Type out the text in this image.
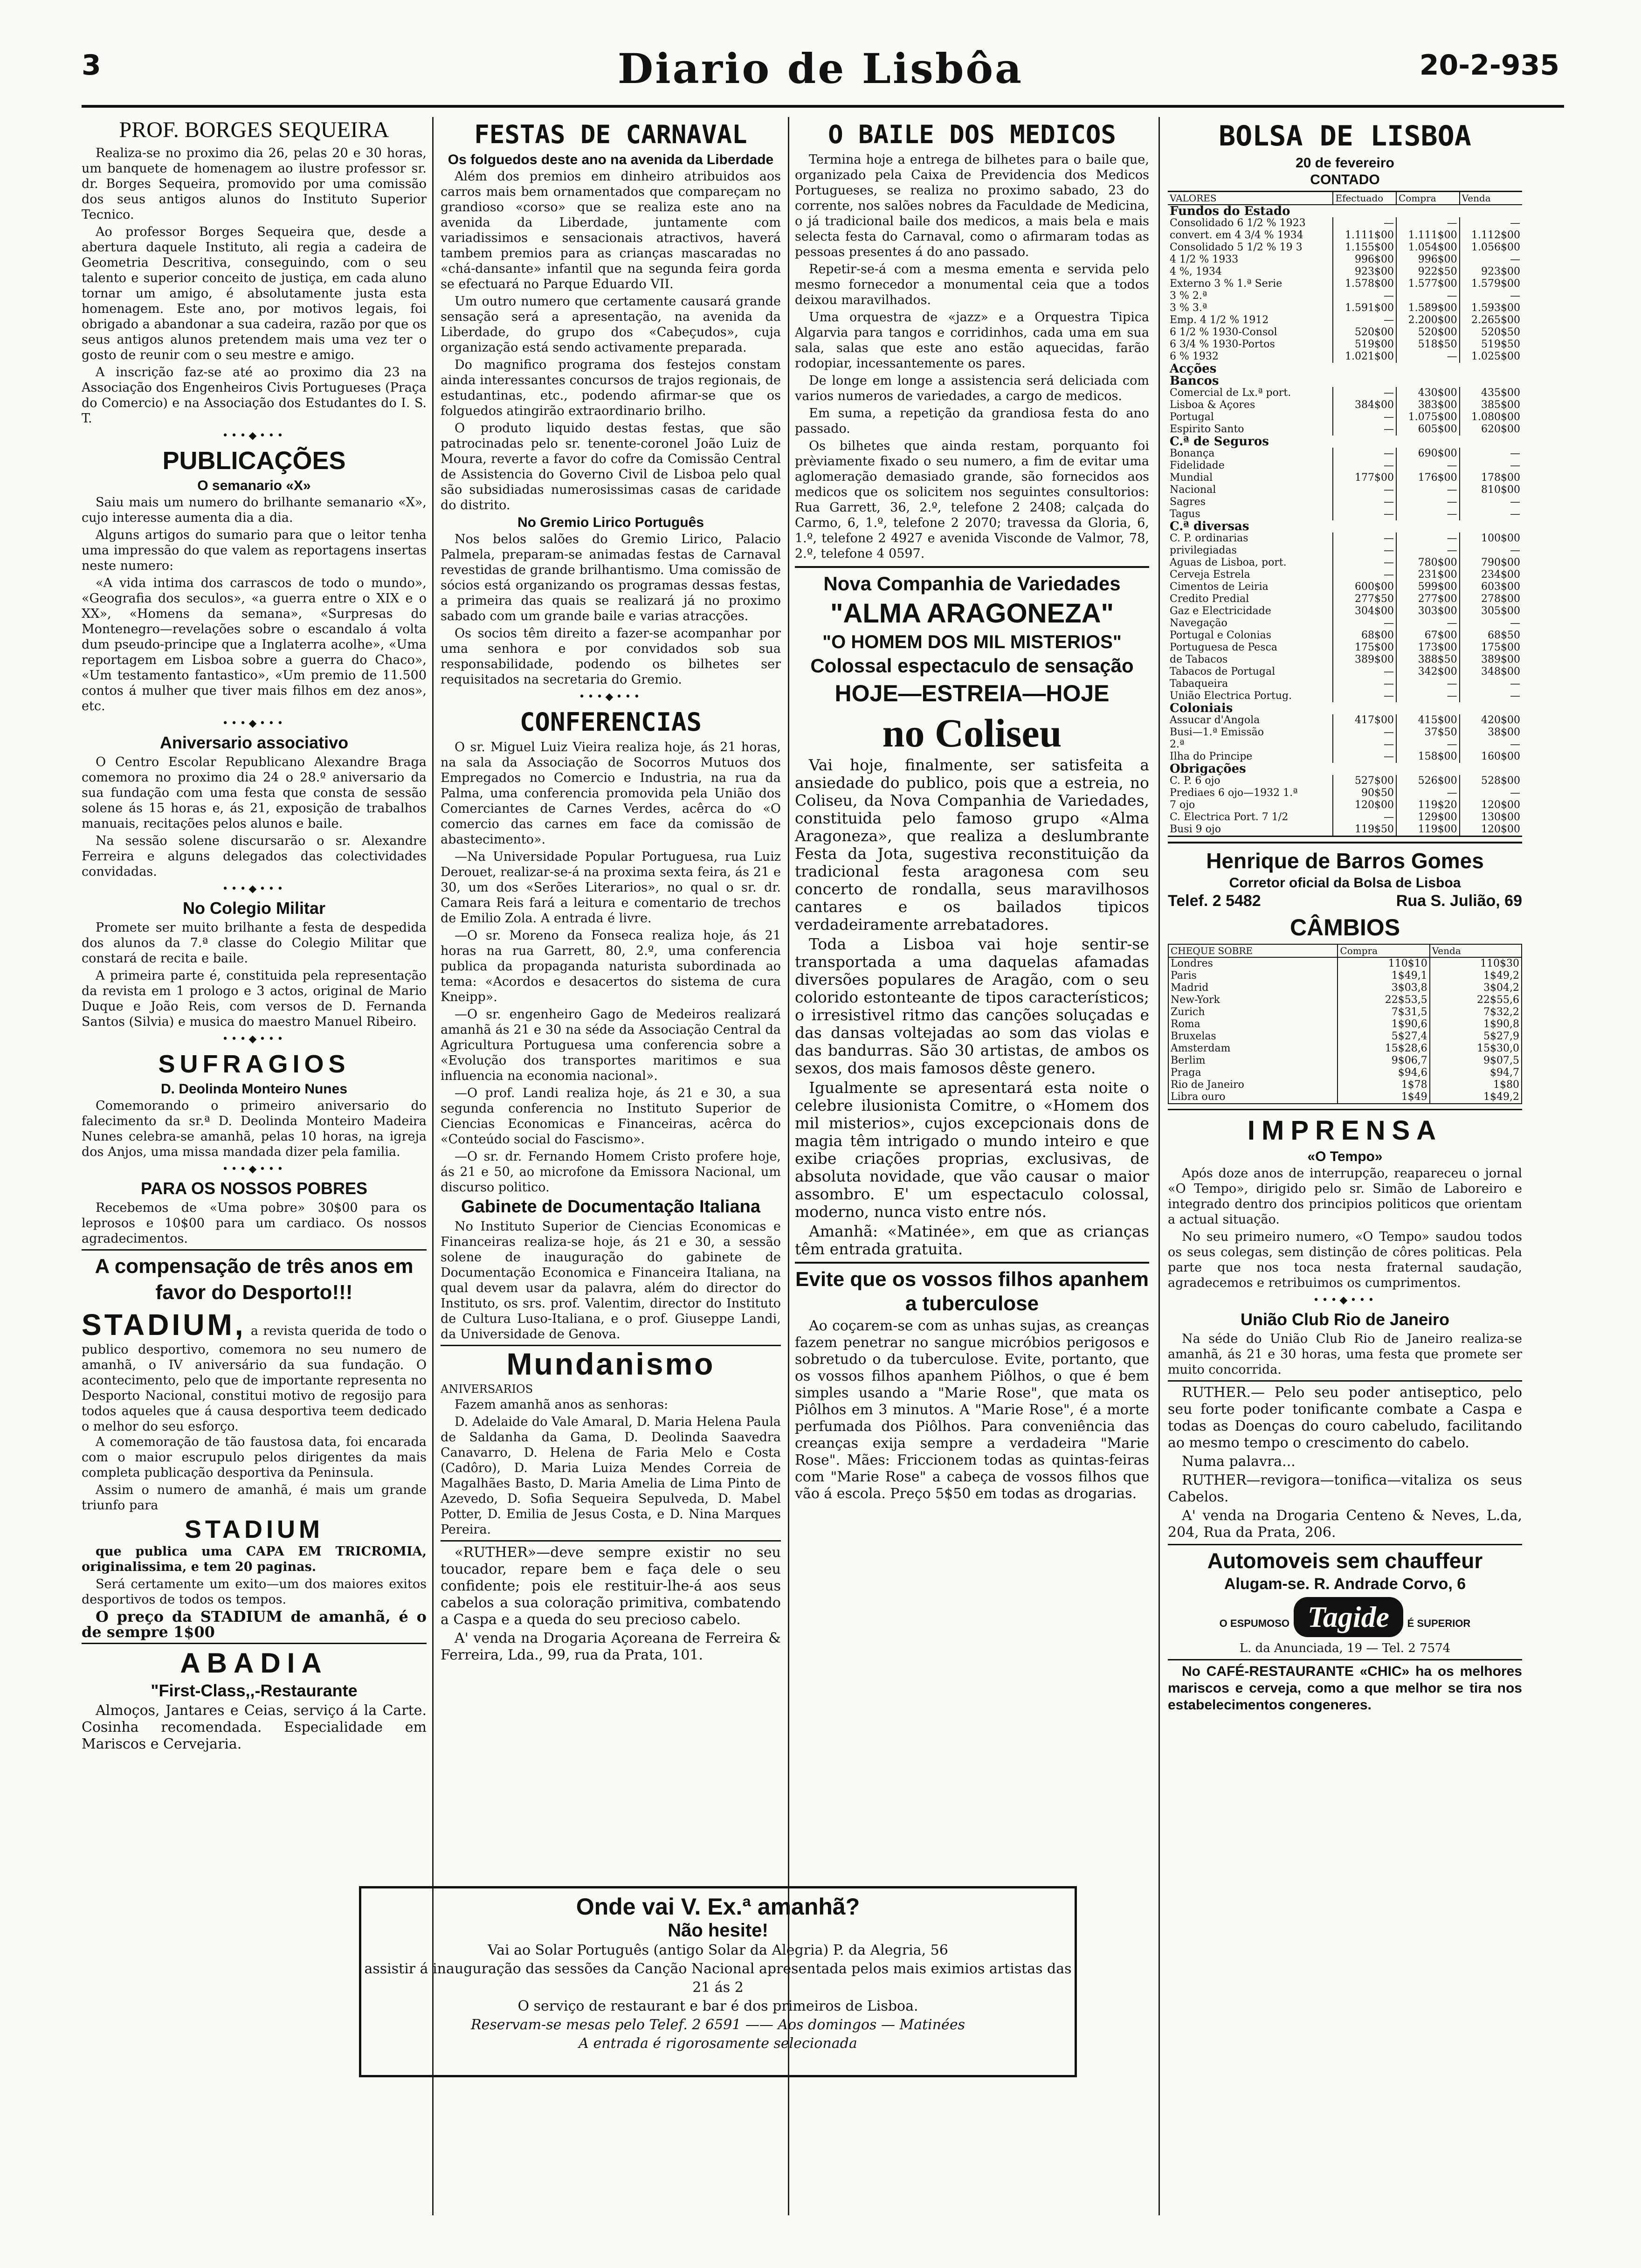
3	Diario de Lisbôa	20-2-935
PROF. BORGES SEQUEIRA

Realiza-se no proximo dia 26, pelas 20 e 30 horas, um banquete de homenagem ao ilustre professor sr. dr. Borges Sequeira, promovido por uma comissão dos seus antigos alunos do Instituto Superior Tecnico.

Ao professor Borges Sequeira que, desde a abertura daquele Instituto, ali regia a cadeira de Geometria Descritiva, conseguindo, com o seu talento e superior conceito de justiça, em cada aluno tornar um amigo, é absolutamente justa esta homenagem. Este ano, por motivos legais, foi obrigado a abandonar a sua cadeira, razão por que os seus antigos alunos pretendem mais uma vez ter o gosto de reunir com o seu mestre e amigo.

A inscrição faz-se até ao proximo dia 23 na Associação dos Engenheiros Civis Portugueses (Praça do Comercio) e na Associação dos Estudantes do I. S. T.

•••◆•••
PUBLICAÇÕES
O semanario «X»

Saiu mais um numero do brilhante semanario «X», cujo interesse aumenta dia a dia.

Alguns artigos do sumario para que o leitor tenha uma impressão do que valem as reportagens insertas neste numero:

«A vida intima dos carrascos de todo o mundo», «Geografia dos seculos», «a guerra entre o XIX e o XX», «Homens da semana», «Surpresas do Montenegro—revelações sobre o escandalo á volta dum pseudo-principe que a Inglaterra acolhe», «Uma reportagem em Lisboa sobre a guerra do Chaco», «Um testamento fantastico», «Um premio de 11.500 contos á mulher que tiver mais filhos em dez anos», etc.

•••◆•••
Aniversario associativo

O Centro Escolar Republicano Alexandre Braga comemora no proximo dia 24 o 28.º aniversario da sua fundação com uma festa que consta de sessão solene ás 15 horas e, ás 21, exposição de trabalhos manuais, recitações pelos alunos e baile.

Na sessão solene discursarão o sr. Alexandre Ferreira e alguns delegados das colectividades convidadas.

•••◆•••
No Colegio Militar

Promete ser muito brilhante a festa de despedida dos alunos da 7.ª classe do Colegio Militar que constará de recita e baile.

A primeira parte é, constituida pela representação da revista em 1 prologo e 3 actos, original de Mario Duque e João Reis, com versos de D. Fernanda Santos (Silvia) e musica do maestro Manuel Ribeiro.

•••◆•••
SUFRAGIOS
D. Deolinda Monteiro Nunes

Comemorando o primeiro aniversario do falecimento da sr.ª D. Deolinda Monteiro Madeira Nunes celebra-se amanhã, pelas 10 horas, na igreja dos Anjos, uma missa mandada dizer pela familia.

•••◆•••
PARA OS NOSSOS POBRES

Recebemos de «Uma pobre» 30$00 para os leprosos e 10$00 para um cardiaco. Os nossos agradecimentos.

A compensação de três anos em favor do Desporto!!!
STADIUM, a revista querida de todo o publico desportivo, comemora no seu numero de amanhã, o IV aniversário da sua fundação. O acontecimento, pelo que de importante representa no Desporto Nacional, constitui motivo de regosijo para todos aqueles que á causa desportiva teem dedicado o melhor do seu esforço.

A comemoração de tão faustosa data, foi encarada com o maior escrupulo pelos dirigentes da mais completa publicação desportiva da Peninsula.

Assim o numero de amanhã, é mais um grande triunfo para

STADIUM

que publica uma CAPA EM TRICROMIA, originalissima, e tem 20 paginas.

Será certamente um exito—um dos maiores exitos desportivos de todos os tempos.

O preço da STADIUM de amanhã, é o de sempre 1$00

ABADIA
"First-Class,,-Restaurante

Almoços, Jantares e Ceias, serviço á la Carte. Cosinha recomendada. Especialidade em Mariscos e Cervejaria.

FESTAS DE CARNAVAL
Os folguedos deste ano na avenida da Liberdade

Além dos premios em dinheiro atribuidos aos carros mais bem ornamentados que compareçam no grandioso «corso» que se realiza este ano na avenida da Liberdade, juntamente com variadissimos e sensacionais atractivos, haverá tambem premios para as crianças mascaradas no «chá-dansante» infantil que na segunda feira gorda se efectuará no Parque Eduardo VII.

Um outro numero que certamente causará grande sensação será a apresentação, na avenida da Liberdade, do grupo dos «Cabeçudos», cuja organização está sendo activamente preparada.

Do magnifico programa dos festejos constam ainda interessantes concursos de trajos regionais, de estudantinas, etc., podendo afirmar-se que os folguedos atingirão extraordinario brilho.

O produto liquido destas festas, que são patrocinadas pelo sr. tenente-coronel João Luiz de Moura, reverte a favor do cofre da Comissão Central de Assistencia do Governo Civil de Lisboa pelo qual são subsidiadas numerosissimas casas de caridade do distrito.

No Gremio Lirico Português

Nos belos salões do Gremio Lirico, Palacio Palmela, preparam-se animadas festas de Carnaval revestidas de grande brilhantismo. Uma comissão de sócios está organizando os programas dessas festas, a primeira das quais se realizará já no proximo sabado com um grande baile e varias atracções.

Os socios têm direito a fazer-se acompanhar por uma senhora e por convidados sob sua responsabilidade, podendo os bilhetes ser requisitados na secretaria do Gremio.

•••◆•••
CONFERENCIAS

O sr. Miguel Luiz Vieira realiza hoje, ás 21 horas, na sala da Associação de Socorros Mutuos dos Empregados no Comercio e Industria, na rua da Palma, uma conferencia promovida pela União dos Comerciantes de Carnes Verdes, acêrca do «O comercio das carnes em face da comissão de abastecimento».

—Na Universidade Popular Portuguesa, rua Luiz Derouet, realizar-se-á na proxima sexta feira, ás 21 e 30, um dos «Serões Literarios», no qual o sr. dr. Camara Reis fará a leitura e comentario de trechos de Emilio Zola. A entrada é livre.

—O sr. Moreno da Fonseca realiza hoje, ás 21 horas na rua Garrett, 80, 2.º, uma conferencia publica da propaganda naturista subordinada ao tema: «Acordos e desacertos do sistema de cura Kneipp».

—O sr. engenheiro Gago de Medeiros realizará amanhã ás 21 e 30 na séde da Associação Central da Agricultura Portuguesa uma conferencia sobre a «Evolução dos transportes maritimos e sua influencia na economia nacional».

—O prof. Landi realiza hoje, ás 21 e 30, a sua segunda conferencia no Instituto Superior de Ciencias Economicas e Financeiras, acêrca do «Conteúdo social do Fascismo».

—O sr. dr. Fernando Homem Cristo profere hoje, ás 21 e 50, ao microfone da Emissora Nacional, um discurso politico.

Gabinete de Documentação Italiana

No Instituto Superior de Ciencias Economicas e Financeiras realiza-se hoje, ás 21 e 30, a sessão solene de inauguração do gabinete de Documentação Economica e Financeira Italiana, na qual devem usar da palavra, além do director do Instituto, os srs. prof. Valentim, director do Instituto de Cultura Luso-Italiana, e o prof. Giuseppe Landi, da Universidade de Genova.

Mundanismo
ANIVERSARIOS

Fazem amanhã anos as senhoras:

D. Adelaide do Vale Amaral, D. Maria Helena Paula de Saldanha da Gama, D. Deolinda Saavedra Canavarro, D. Helena de Faria Melo e Costa (Cadôro), D. Maria Luiza Mendes Correia de Magalhães Basto, D. Maria Amelia de Lima Pinto de Azevedo, D. Sofia Sequeira Sepulveda, D. Mabel Potter, D. Emilia de Jesus Costa, e D. Nina Marques Pereira.

«RUTHER»—deve sempre existir no seu toucador, repare bem e faça dele o seu confidente; pois ele restituir-lhe-á aos seus cabelos a sua coloração primitiva, combatendo a Caspa e a queda do seu precioso cabelo.

A' venda na Drogaria Açoreana de Ferreira & Ferreira, Lda., 99, rua da Prata, 101.

O BAILE DOS MEDICOS

Termina hoje a entrega de bilhetes para o baile que, organizado pela Caixa de Previdencia dos Medicos Portugueses, se realiza no proximo sabado, 23 do corrente, nos salões nobres da Faculdade de Medicina, o já tradicional baile dos medicos, a mais bela e mais selecta festa do Carnaval, como o afirmaram todas as pessoas presentes á do ano passado.

Repetir-se-á com a mesma ementa e servida pelo mesmo fornecedor a monumental ceia que a todos deixou maravilhados.

Uma orquestra de «jazz» e a Orquestra Tipica Algarvia para tangos e corridinhos, cada uma em sua sala, salas que este ano estão aquecidas, farão rodopiar, incessantemente os pares.

De longe em longe a assistencia será deliciada com varios numeros de variedades, a cargo de medicos.

Em suma, a repetição da grandiosa festa do ano passado.

Os bilhetes que ainda restam, porquanto foi prèviamente fixado o seu numero, a fim de evitar uma aglomeração demasiado grande, são fornecidos aos medicos que os solicitem nos seguintes consultorios: Rua Garrett, 36, 2.º, telefone 2 2408; calçada do Carmo, 6, 1.º, telefone 2 2070; travessa da Gloria, 6, 1.º, telefone 2 4927 e avenida Visconde de Valmor, 78, 2.º, telefone 4 0597.

Nova Companhia de Variedades
"ALMA ARAGONEZA"
"O HOMEM DOS MIL MISTERIOS"
Colossal espectaculo de sensação
HOJE—ESTREIA—HOJE
no Coliseu

Vai hoje, finalmente, ser satisfeita a ansiedade do publico, pois que a estreia, no Coliseu, da Nova Companhia de Variedades, constituida pelo famoso grupo «Alma Aragoneza», que realiza a deslumbrante Festa da Jota, sugestiva reconstituição da tradicional festa aragonesa com seu concerto de rondalla, seus maravilhosos cantares e os bailados tipicos verdadeiramente arrebatadores.

Toda a Lisboa vai hoje sentir-se transportada a uma daquelas afamadas diversões populares de Aragão, com o seu colorido estonteante de tipos característicos; o irresistivel ritmo das canções soluçadas e das dansas voltejadas ao som das violas e das bandurras. São 30 artistas, de ambos os sexos, dos mais famosos dêste genero.

Igualmente se apresentará esta noite o celebre ilusionista Comitre, o «Homem dos mil misterios», cujos excepcionais dons de magia têm intrigado o mundo inteiro e que exibe criações proprias, exclusivas, de absoluta novidade, que vão causar o maior assombro. E' um espectaculo colossal, moderno, nunca visto entre nós.

Amanhã: «Matinée», em que as crianças têm entrada gratuita.

Evite que os vossos filhos apanhem a tuberculose

Ao coçarem-se com as unhas sujas, as creanças fazem penetrar no sangue micróbios perigosos e sobretudo o da tuberculose. Evite, portanto, que os vossos filhos apanhem Piôlhos, o que é bem simples usando a "Marie Rose", que mata os Piôlhos em 3 minutos. A "Marie Rose", é a morte perfumada dos Piôlhos. Para conveniência das creanças exija sempre a verdadeira "Marie Rose". Mães: Friccionem todas as quintas-feiras com "Marie Rose" a cabeça de vossos filhos que vão á escola. Preço 5$50 em todas as drogarias.

BOLSA DE LISBOA
20 de fevereiro
CONTADO
VALORES	Efectuado	Compra	Venda
Fundos do Estado			
Consolidado 6 1/2 % 1923	—	—	—
convert. em 4 3/4 % 1934	1.111$00	1.111$00	1.112$00
Consolidado 5 1/2 % 19 3	1.155$00	1.054$00	1.056$00
4 1/2 % 1933	996$00	996$00	—
4 %, 1934	923$00	922$50	923$00
Externo 3 % 1.ª Serie	1.578$00	1.577$00	1.579$00
3 % 2.ª	—	—	—
3 % 3.ª	1.591$00	1.589$00	1.593$00
Emp. 4 1/2 % 1912	—	2.200$00	2.265$00
6 1/2 % 1930-Consol	520$00	520$00	520$50
6 3/4 % 1930-Portos	519$00	518$50	519$50
6 % 1932	1.021$00	—	1.025$00
Acções			
Bancos			
Comercial de Lx.ª port.	—	430$00	435$00
Lisboa & Açores	384$00	383$00	385$00
Portugal	—	1.075$00	1.080$00
Espirito Santo	—	605$00	620$00
C.ª de Seguros			
Bonança	—	690$00	—
Fidelidade	—	—	—
Mundial	177$00	176$00	178$00
Nacional	—	—	810$00
Sagres	—	—	—
Tagus	—	—	—
C.ª diversas			
C. P. ordinarias	—	—	100$00
privilegiadas	—	—	—
Aguas de Lisboa, port.	—	780$00	790$00
Cerveja Estrela	—	231$00	234$00
Cimentos de Leiria	600$00	599$00	603$00
Credito Predial	277$50	277$00	278$00
Gaz e Electricidade	304$00	303$00	305$00
Navegação	—	—	—
Portugal e Colonias	68$00	67$00	68$50
Portuguesa de Pesca	175$00	173$00	175$00
de Tabacos	389$00	388$50	389$00
Tabacos de Portugal	—	342$00	348$00
Tabaqueira	—	—	—
União Electrica Portug.	—	—	—
Coloniais			
Assucar d'Angola	417$00	415$00	420$00
Busi—1.ª Emissão	—	37$50	38$00
2.ª	—	—	—
Ilha do Principe	—	158$00	160$00
Obrigações			
C. P. 6 ojo	527$00	526$00	528$00
Prediaes 6 ojo—1932 1.ª	90$50	—	—
7 ojo	120$00	119$20	120$00
C. Electrica Port. 7 1/2	—	129$00	130$00
Busi 9 ojo	119$50	119$00	120$00
Henrique de Barros Gomes
Corretor oficial da Bolsa de Lisboa
Telef. 2 5482	Rua S. Julião, 69
CÂMBIOS
CHEQUE SOBRE	Compra	Venda
Londres	110$10	110$30
Paris	1$49,1	1$49,2
Madrid	3$03,8	3$04,2
New-York	22$53,5	22$55,6
Zurich	7$31,5	7$32,2
Roma	1$90,6	1$90,8
Bruxelas	5$27,4	5$27,9
Amsterdam	15$28,6	15$30,0
Berlim	9$06,7	9$07,5
Praga	$94,6	$94,7
Rio de Janeiro	1$78	1$80
Libra ouro	1$49	1$49,2
IMPRENSA
«O Tempo»

Após doze anos de interrupção, reapareceu o jornal «O Tempo», dirigido pelo sr. Simão de Laboreiro e integrado dentro dos principios politicos que orientam a actual situação.

No seu primeiro numero, «O Tempo» saudou todos os seus colegas, sem distinção de côres politicas. Pela parte que nos toca nesta fraternal saudação, agradecemos e retribuimos os cumprimentos.

•••◆•••
União Club Rio de Janeiro

Na séde do União Club Rio de Janeiro realiza-se amanhã, ás 21 e 30 horas, uma festa que promete ser muito concorrida.

RUTHER.— Pelo seu poder antiseptico, pelo seu forte poder tonificante combate a Caspa e todas as Doenças do couro cabeludo, facilitando ao mesmo tempo o crescimento do cabelo.

Numa palavra...

RUTHER—revigora—tonifica—vitaliza os seus Cabelos.

A' venda na Drogaria Centeno & Neves, L.da, 204, Rua da Prata, 206.

Automoveis sem chauffeur
Alugam-se. R. Andrade Corvo, 6
O ESPUMOSO Tagide É SUPERIOR
L. da Anunciada, 19 — Tel. 2 7574

No CAFÉ-RESTAURANTE «CHIC» ha os melhores mariscos e cerveja, como a que melhor se tira nos estabelecimentos congeneres.

Onde vai V. Ex.ª amanhã?
Não hesite!
Vai ao Solar Português (antigo Solar da Alegria) P. da Alegria, 56
assistir á inauguração das sessões da Canção Nacional apresentada pelos mais eximios artistas das 21 ás 2
O serviço de restaurant e bar é dos primeiros de Lisboa.
Reservam-se mesas pelo Telef. 2 6591 —— Aos domingos — Matinées
A entrada é rigorosamente selecionada
